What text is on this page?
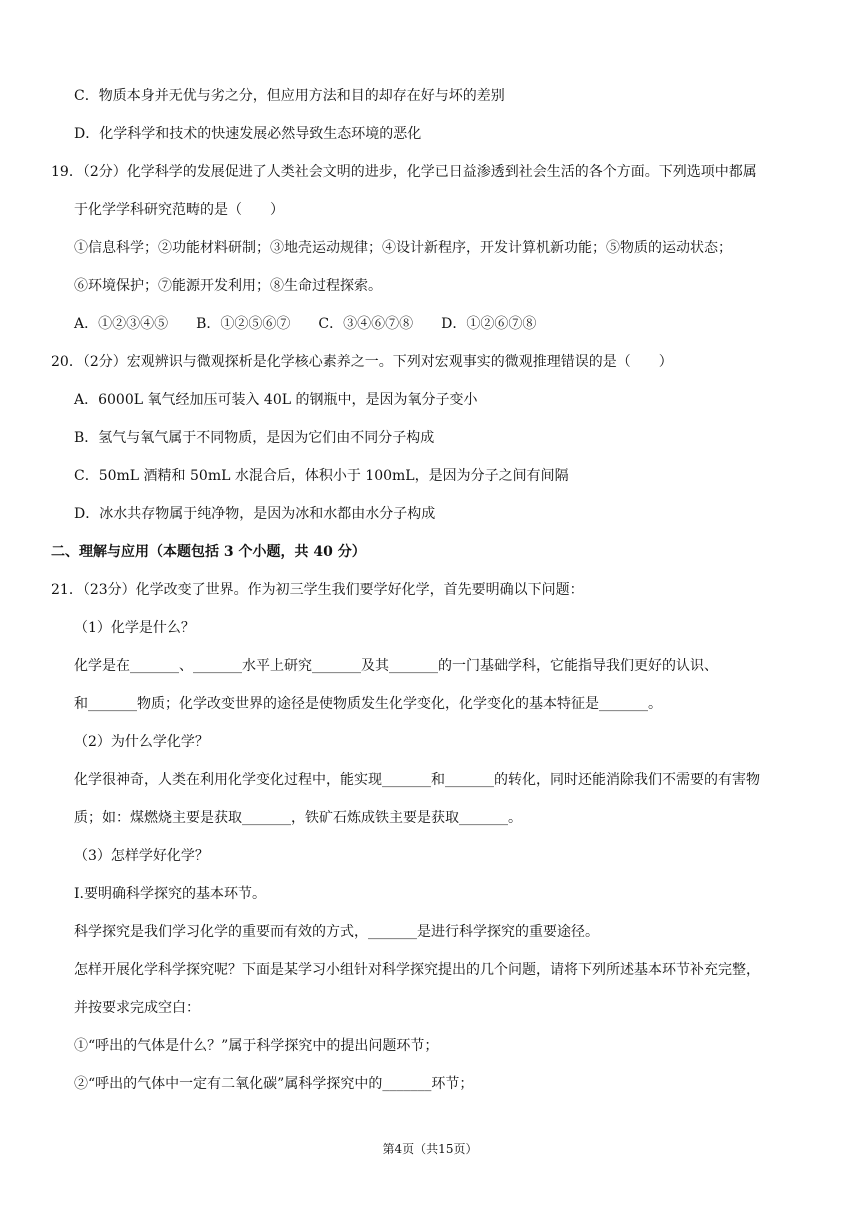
C．物质本身并无优与劣之分，但应用方法和目的却存在好与坏的差别
D．化学科学和技术的快速发展必然导致生态环境的恶化
19．（2分）化学科学的发展促进了人类社会文明的进步，化学已日益渗透到社会生活的各个方面。下列选项中都属
于化学学科研究范畴的是（　　）
①信息科学；②功能材料研制；③地壳运动规律；④设计新程序，开发计算机新功能；⑤物质的运动状态；
⑥环境保护；⑦能源开发利用；⑧生命过程探索。
A．①②③④⑤　　B．①②⑤⑥⑦　　C．③④⑥⑦⑧　　D．①②⑥⑦⑧
20．（2分）宏观辨识与微观探析是化学核心素养之一。下列对宏观事实的微观推理错误的是（　　）
A．6000L 氧气经加压可装入 40L 的钢瓶中，是因为氧分子变小
B．氢气与氧气属于不同物质，是因为它们由不同分子构成
C．50mL 酒精和 50mL 水混合后，体积小于 100mL，是因为分子之间有间隔
D．冰水共存物属于纯净物，是因为冰和水都由水分子构成
二、理解与应用（本题包括 3 个小题，共 40 分）
21．（23分）化学改变了世界。作为初三学生我们要学好化学，首先要明确以下问题：
（1）化学是什么？
化学是在_______、_______水平上研究_______及其_______的一门基础学科，它能指导我们更好的认识、
和_______物质；化学改变世界的途径是使物质发生化学变化，化学变化的基本特征是_______。
（2）为什么学化学？
化学很神奇，人类在利用化学变化过程中，能实现_______和_______的转化，同时还能消除我们不需要的有害物
质；如：煤燃烧主要是获取_______，铁矿石炼成铁主要是获取_______。
（3）怎样学好化学？
Ⅰ.要明确科学探究的基本环节。
科学探究是我们学习化学的重要而有效的方式，_______是进行科学探究的重要途径。
怎样开展化学科学探究呢？下面是某学习小组针对科学探究提出的几个问题，请将下列所述基本环节补充完整，
并按要求完成空白：
①“呼出的气体是什么？”属于科学探究中的提出问题环节；
②“呼出的气体中一定有二氧化碳”属科学探究中的_______环节；
第4页（共15页）
